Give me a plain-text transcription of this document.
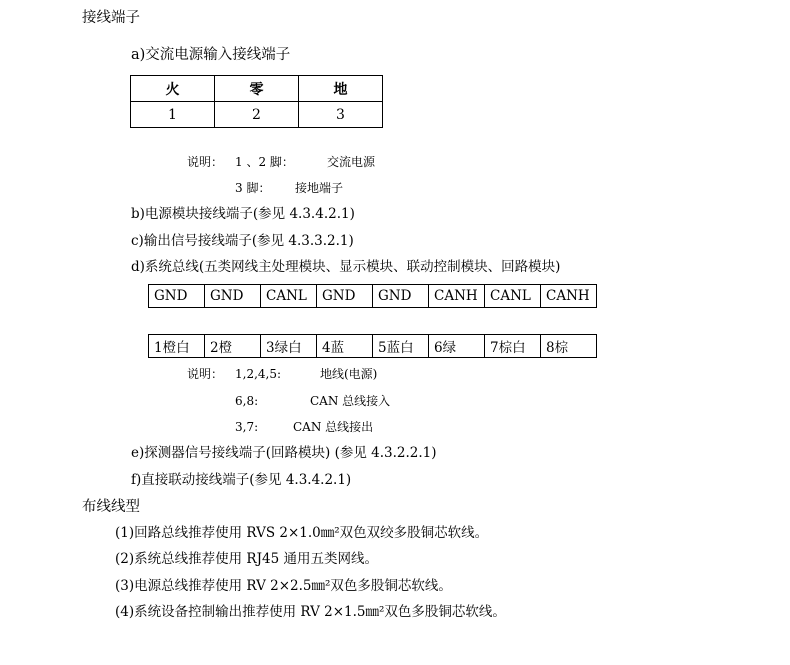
接线端子
a)交流电源输入接线端子
火	零	地
1	2	3
说明： 1 、2 脚：	交流电源
3 脚： 接地端子
b)电源模块接线端子(参见 4.3.4.2.1)
c)输出信号接线端子(参见 4.3.3.2.1)
d)系统总线(五类网线主处理模块、显示模块、联动控制模块、回路模块)
GND	GND	CANL	GND	GND	CANH	CANL	CANH
1橙白	2橙	3绿白	4蓝	5蓝白	6绿	7棕白	8棕
说明： 1,2,4,5:	地线(电源)
6,8:	CAN 总线接入
3,7:	CAN 总线接出
e)探测器信号接线端子(回路模块) (参见 4.3.2.2.1)
f)直接联动接线端子(参见 4.3.4.2.1)
布线线型
(1)回路总线推荐使用 RVS 2×1.0㎜²双色双绞多股铜芯软线。
(2)系统总线推荐使用 RJ45 通用五类网线。
(3)电源总线推荐使用 RV 2×2.5㎜²双色多股铜芯软线。
(4)系统设备控制输出推荐使用 RV 2×1.5㎜²双色多股铜芯软线。
